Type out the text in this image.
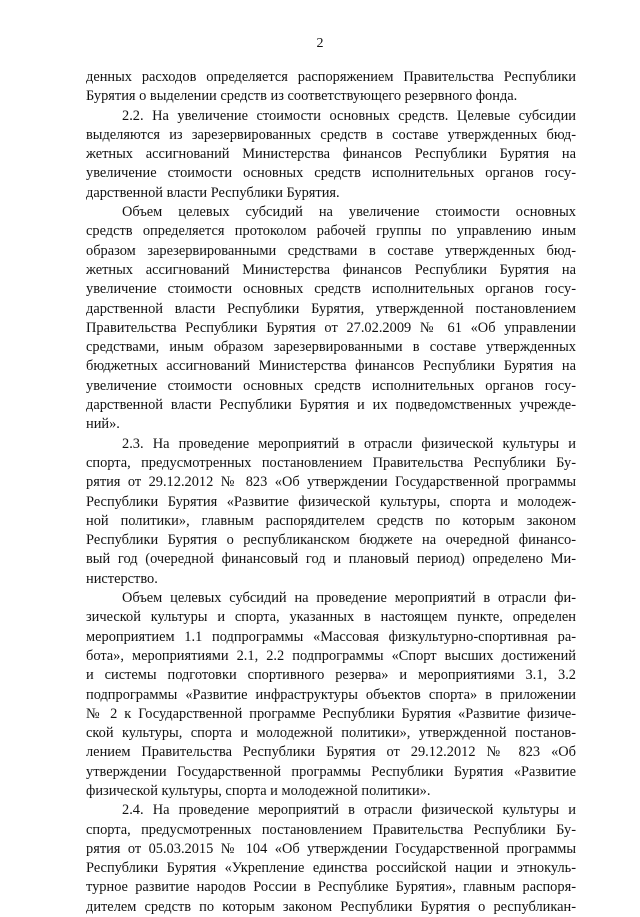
2
денных расходов определяется распоряжением Правительства Республики
Бурятия о выделении средств из соответствующего резервного фонда.
2.2. На увеличение стоимости основных средств. Целевые субсидии
выделяются из зарезервированных средств в составе утвержденных бюд-
жетных ассигнований Министерства финансов Республики Бурятия на
увеличение стоимости основных средств исполнительных органов госу-
дарственной власти Республики Бурятия.
Объем целевых субсидий на увеличение стоимости основных
средств определяется протоколом рабочей группы по управлению иным
образом зарезервированными средствами в составе утвержденных бюд-
жетных ассигнований Министерства финансов Республики Бурятия на
увеличение стоимости основных средств исполнительных органов госу-
дарственной власти Республики Бурятия, утвержденной постановлением
Правительства Республики Бурятия от 27.02.2009 № 61 «Об управлении
средствами, иным образом зарезервированными в составе утвержденных
бюджетных ассигнований Министерства финансов Республики Бурятия на
увеличение стоимости основных средств исполнительных органов госу-
дарственной власти Республики Бурятия и их подведомственных учрежде-
ний».
2.3. На проведение мероприятий в отрасли физической культуры и
спорта, предусмотренных постановлением Правительства Республики Бу-
рятия от 29.12.2012 № 823 «Об утверждении Государственной программы
Республики Бурятия «Развитие физической культуры, спорта и молодеж-
ной политики», главным распорядителем средств по которым законом
Республики Бурятия о республиканском бюджете на очередной финансо-
вый год (очередной финансовый год и плановый период) определено Ми-
нистерство.
Объем целевых субсидий на проведение мероприятий в отрасли фи-
зической культуры и спорта, указанных в настоящем пункте, определен
мероприятием 1.1 подпрограммы «Массовая физкультурно-спортивная ра-
бота», мероприятиями 2.1, 2.2 подпрограммы «Спорт высших достижений
и системы подготовки спортивного резерва» и мероприятиями 3.1, 3.2
подпрограммы «Развитие инфраструктуры объектов спорта» в приложении
№ 2 к Государственной программе Республики Бурятия «Развитие физиче-
ской культуры, спорта и молодежной политики», утвержденной постанов-
лением Правительства Республики Бурятия от 29.12.2012 № 823 «Об
утверждении Государственной программы Республики Бурятия «Развитие
физической культуры, спорта и молодежной политики».
2.4. На проведение мероприятий в отрасли физической культуры и
спорта, предусмотренных постановлением Правительства Республики Бу-
рятия от 05.03.2015 № 104 «Об утверждении Государственной программы
Республики Бурятия «Укрепление единства российской нации и этнокуль-
турное развитие народов России в Республике Бурятия», главным распоря-
дителем средств по которым законом Республики Бурятия о республикан-
